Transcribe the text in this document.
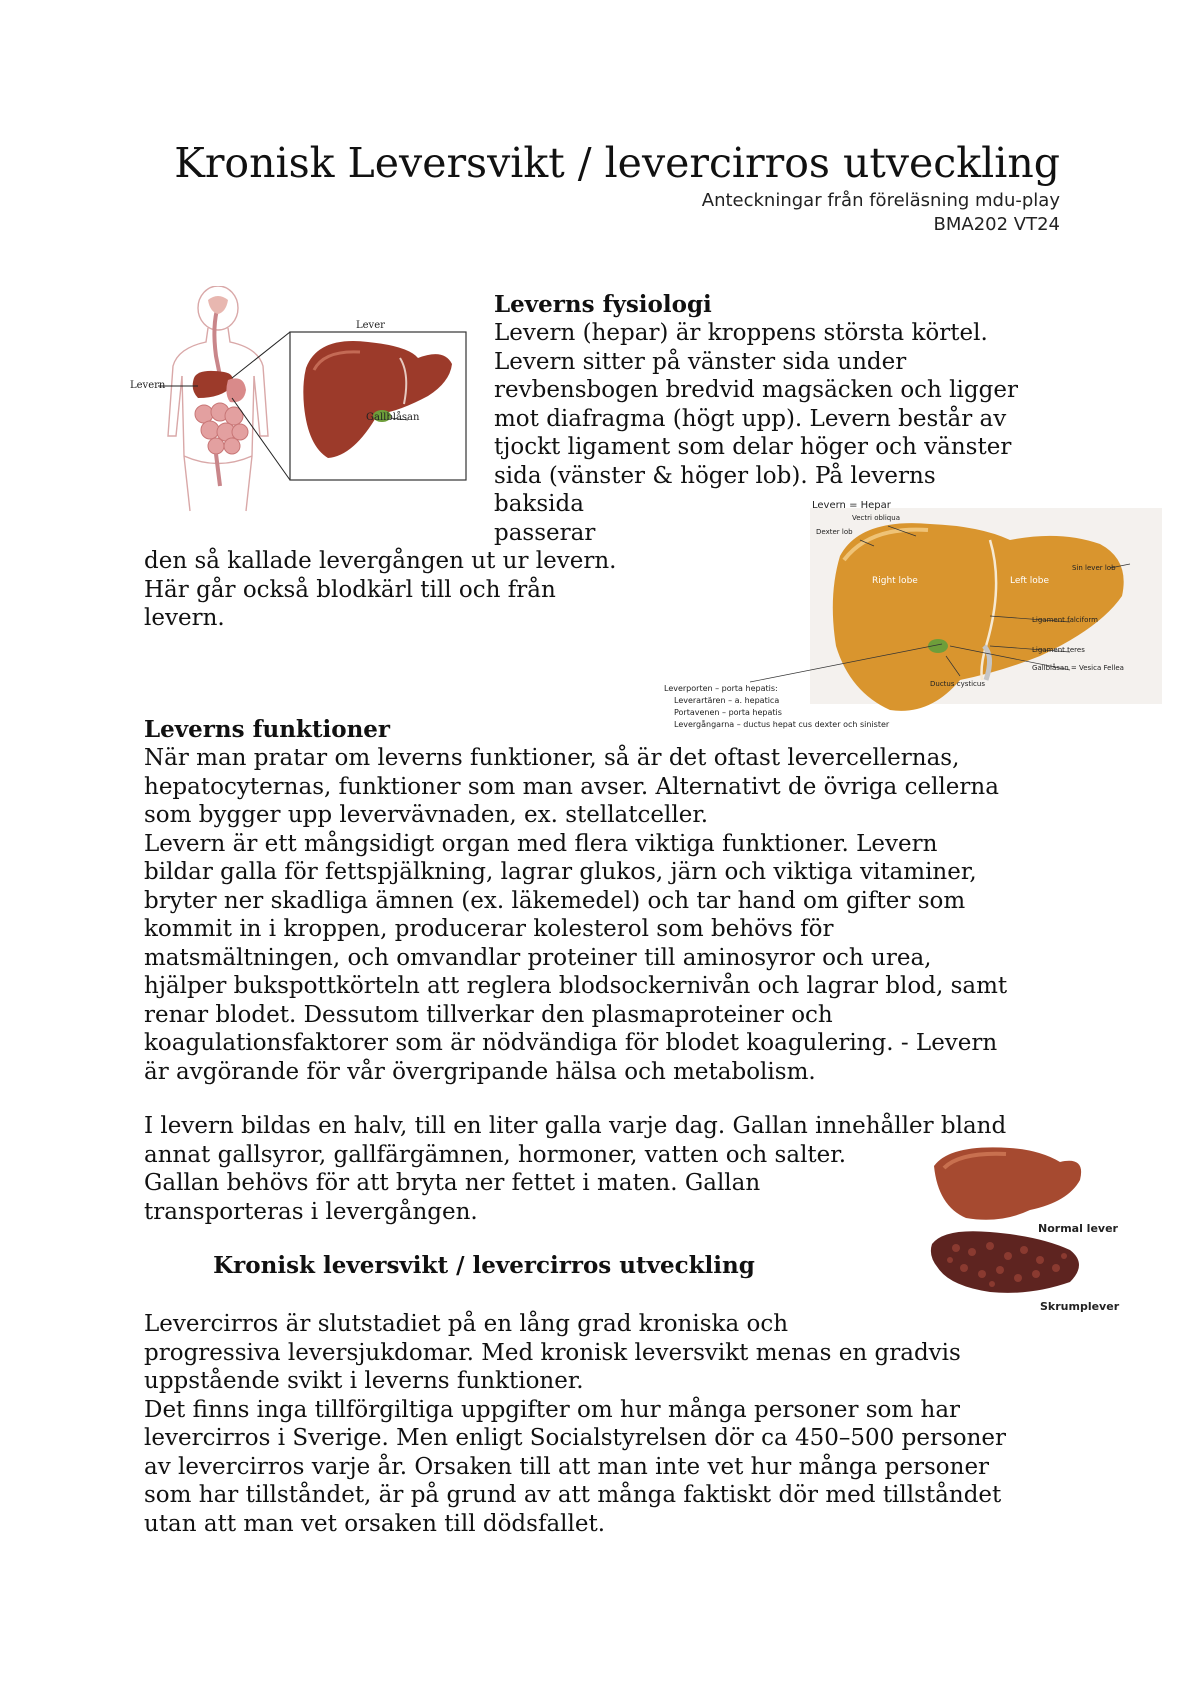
Kronisk Leversvikt / levercirros utveckling
Anteckningar från föreläsning mdu-play
BMA202 VT24
Levern
Lever
Gallblåsan
Leverns fysiologi
Levern (hepar) är kroppens största körtel.
Levern sitter på vänster sida under
revbensbogen bredvid magsäcken och ligger
mot diafragma (högt upp). Levern består av
tjockt ligament som delar höger och vänster
sida (vänster & höger lob). På leverns
baksida
passerar
den så kallade levergången ut ur levern.
Här går också blodkärl till och från
levern.
Levern = Hepar
Vectri obliqua
Dexter lob
Right lobe	Left lobe
Sin lever lob
Ligament falciform
Ligament teres
Gallblåsan = Vesica Fellea
Ductus cysticus
Leverporten – porta hepatis:
Leverartären – a. hepatica
Portavenen – porta hepatis
Levergångarna – ductus hepat cus dexter och sinister
Leverns funktioner
När man pratar om leverns funktioner, så är det oftast levercellernas,
hepatocyternas, funktioner som man avser. Alternativt de övriga cellerna
som bygger upp levervävnaden, ex. stellatceller.
Levern är ett mångsidigt organ med flera viktiga funktioner. Levern
bildar galla för fettspjälkning, lagrar glukos, järn och viktiga vitaminer,
bryter ner skadliga ämnen (ex. läkemedel) och tar hand om gifter som
kommit in i kroppen, producerar kolesterol som behövs för
matsmältningen, och omvandlar proteiner till aminosyror och urea,
hjälper bukspottkörteln att reglera blodsockernivån och lagrar blod, samt
renar blodet. Dessutom tillverkar den plasmaproteiner och
koagulationsfaktorer som är nödvändiga för blodet koagulering. - Levern
är avgörande för vår övergripande hälsa och metabolism.
I levern bildas en halv, till en liter galla varje dag. Gallan innehåller bland
annat gallsyror, gallfärgämnen, hormoner, vatten och salter.
Gallan behövs för att bryta ner fettet i maten. Gallan
transporteras i levergången.
Normal lever
Skrumplever
Kronisk leversvikt / levercirros utveckling
Levercirros är slutstadiet på en lång grad kroniska och
progressiva leversjukdomar. Med kronisk leversvikt menas en gradvis
uppstående svikt i leverns funktioner.
Det finns inga tillförgiltiga uppgifter om hur många personer som har
levercirros i Sverige. Men enligt Socialstyrelsen dör ca 450–500 personer
av levercirros varje år. Orsaken till att man inte vet hur många personer
som har tillståndet, är på grund av att många faktiskt dör med tillståndet
utan att man vet orsaken till dödsfallet.
